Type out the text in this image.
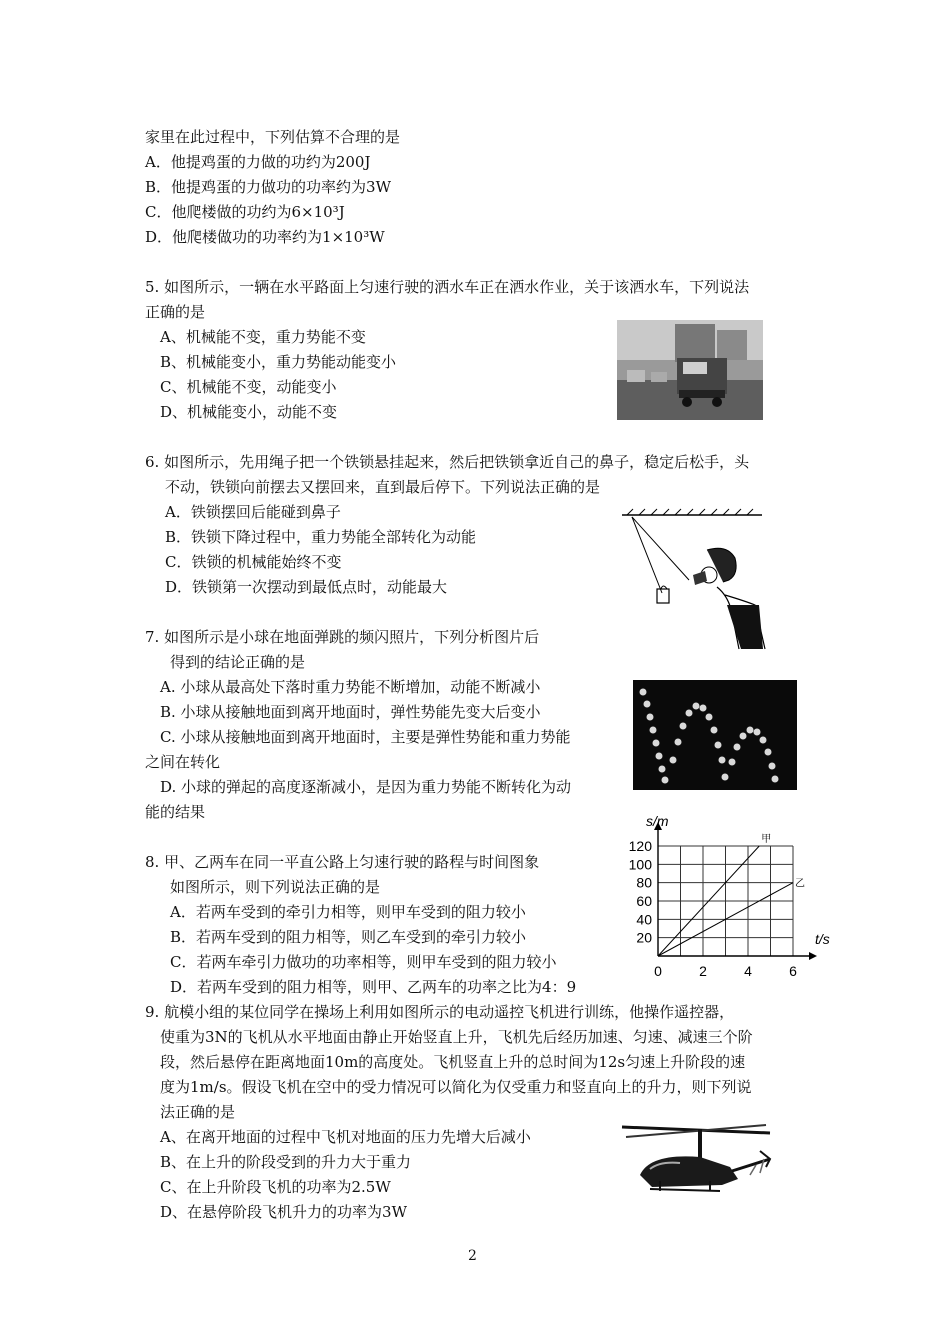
家里在此过程中，下列估算不合理的是
A．他提鸡蛋的力做的功约为200J
B．他提鸡蛋的力做功的功率约为3W
C．他爬楼做的功约为6×10³J
D．他爬楼做功的功率约为1×10³W
5. 如图所示，一辆在水平路面上匀速行驶的洒水车正在洒水作业，关于该洒水车，下列说法
正确的是
A、机械能不变，重力势能不变
B、机械能变小，重力势能动能变小
C、机械能不变，动能变小
D、机械能变小，动能不变
6. 如图所示，先用绳子把一个铁锁悬挂起来，然后把铁锁拿近自己的鼻子，稳定后松手，头
不动，铁锁向前摆去又摆回来，直到最后停下。下列说法正确的是
A．铁锁摆回后能碰到鼻子
B．铁锁下降过程中，重力势能全部转化为动能
C．铁锁的机械能始终不变
D．铁锁第一次摆动到最低点时，动能最大
7. 如图所示是小球在地面弹跳的频闪照片，下列分析图片后
得到的结论正确的是
A. 小球从最高处下落时重力势能不断增加，动能不断减小
B. 小球从接触地面到离开地面时，弹性势能先变大后变小
C. 小球从接触地面到离开地面时，主要是弹性势能和重力势能
之间在转化
D. 小球的弹起的高度逐渐减小，是因为重力势能不断转化为动
能的结果
8. 甲、乙两车在同一平直公路上匀速行驶的路程与时间图象
如图所示，则下列说法正确的是
A．若两车受到的牵引力相等，则甲车受到的阻力较小
B．若两车受到的阻力相等，则乙车受到的牵引力较小
C．若两车牵引力做功的功率相等，则甲车受到的阻力较小
D．若两车受到的阻力相等，则甲、乙两车的功率之比为4：9
甲
乙
20
40
60
80
100
120
2	4	6
0
s/m
t/s
9. 航模小组的某位同学在操场上利用如图所示的电动遥控飞机进行训练，他操作遥控器，
使重为3N的飞机从水平地面由静止开始竖直上升，飞机先后经历加速、匀速、减速三个阶
段，然后悬停在距离地面10m的高度处。飞机竖直上升的总时间为12s匀速上升阶段的速
度为1m/s。假设飞机在空中的受力情况可以简化为仅受重力和竖直向上的升力，则下列说
法正确的是
A、在离开地面的过程中飞机对地面的压力先增大后减小
B、在上升的阶段受到的升力大于重力
C、在上升阶段飞机的功率为2.5W
D、在悬停阶段飞机升力的功率为3W
2
